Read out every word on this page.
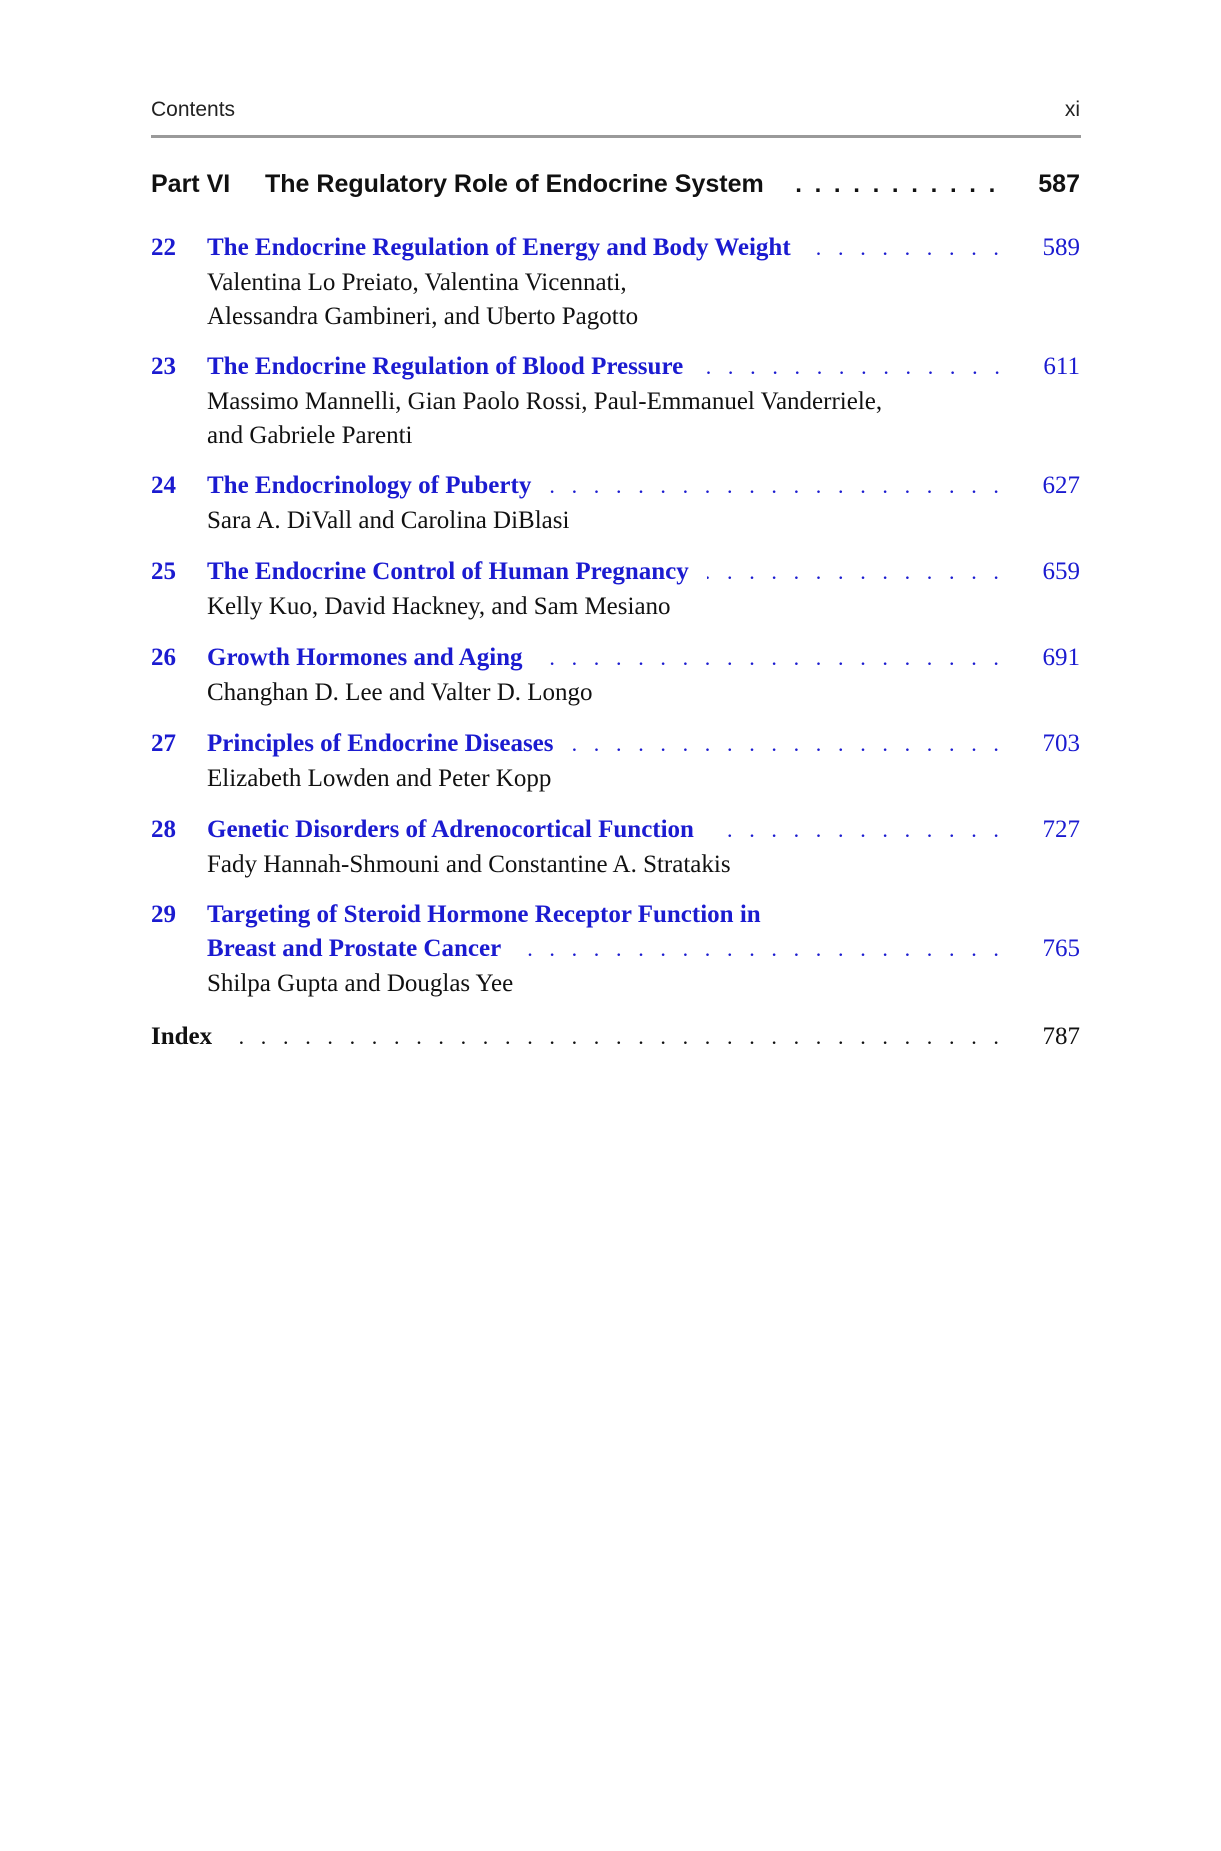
Contents	xi
Part VI	The Regulatory Role of Endocrine System . . .	587
22	The Endocrine Regulation of Energy and Body Weight . . .	589
Valentina Lo Preiato, Valentina Vicennati,
Alessandra Gambineri, and Uberto Pagotto
23	The Endocrine Regulation of Blood Pressure . . .	611
Massimo Mannelli, Gian Paolo Rossi, Paul-Emmanuel Vanderriele,
and Gabriele Parenti
24	The Endocrinology of Puberty . . .	627
Sara A. DiVall and Carolina DiBlasi
25	The Endocrine Control of Human Pregnancy . . .	659
Kelly Kuo, David Hackney, and Sam Mesiano
26	Growth Hormones and Aging . . .	691
Changhan D. Lee and Valter D. Longo
27	Principles of Endocrine Diseases . . .	703
Elizabeth Lowden and Peter Kopp
28	Genetic Disorders of Adrenocortical Function . . .	727
Fady Hannah-Shmouni and Constantine A. Stratakis
29	Targeting of Steroid Hormone Receptor Function in
Breast and Prostate Cancer . . .	765
Shilpa Gupta and Douglas Yee
Index . . .	787
